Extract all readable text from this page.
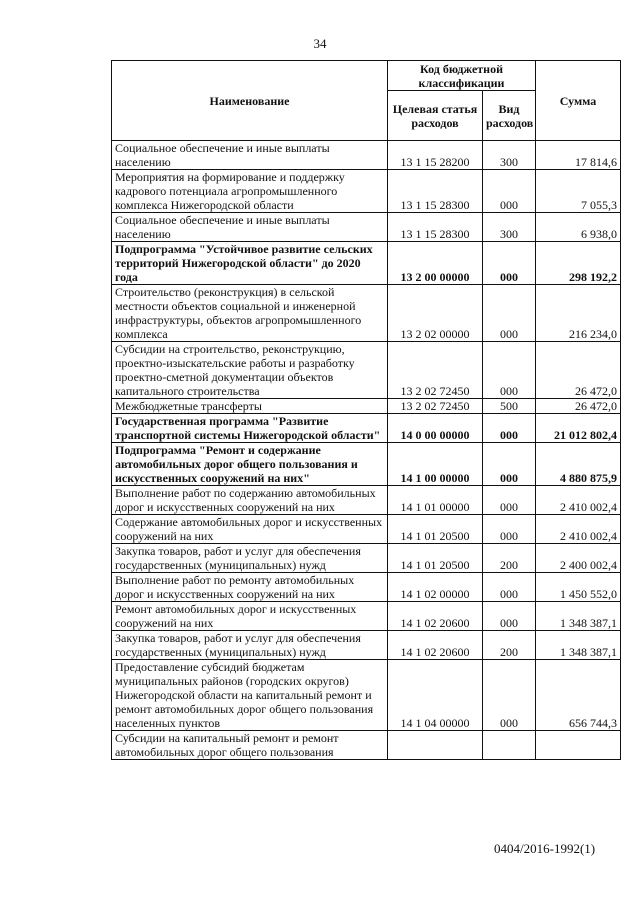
34
Наименование	Код бюджетной классификации		Сумма
	Целевая статья расходов	Вид расходов	
Социальное обеспечение и иные выплаты населению	13 1 15 28200	300	17 814,6
Мероприятия на формирование и поддержку кадрового потенциала агропромышленного комплекса Нижегородской области	13 1 15 28300	000	7 055,3
Социальное обеспечение и иные выплаты населению	13 1 15 28300	300	6 938,0
Подпрограмма "Устойчивое развитие сельских территорий Нижегородской области" до 2020 года	13 2 00 00000	000	298 192,2
Строительство (реконструкция) в сельской местности объектов социальной и инженерной инфраструктуры, объектов агропромышленного комплекса	13 2 02 00000	000	216 234,0
Субсидии на строительство, реконструкцию, проектно-изыскательские работы и разработку проектно-сметной документации объектов капитального строительства	13 2 02 72450	000	26 472,0
Межбюджетные трансферты	13 2 02 72450	500	26 472,0
Государственная программа "Развитие транспортной системы Нижегородской области"	14 0 00 00000	000	21 012 802,4
Подпрограмма "Ремонт и содержание автомобильных дорог общего пользования и искусственных сооружений на них"	14 1 00 00000	000	4 880 875,9
Выполнение работ по содержанию автомобильных дорог и искусственных сооружений на них	14 1 01 00000	000	2 410 002,4
Содержание автомобильных дорог и искусственных сооружений на них	14 1 01 20500	000	2 410 002,4
Закупка товаров, работ и услуг для обеспечения государственных (муниципальных) нужд	14 1 01 20500	200	2 400 002,4
Выполнение работ по ремонту автомобильных дорог и искусственных сооружений на них	14 1 02 00000	000	1 450 552,0
Ремонт автомобильных дорог и искусственных сооружений на них	14 1 02 20600	000	1 348 387,1
Закупка товаров, работ и услуг для обеспечения государственных (муниципальных) нужд	14 1 02 20600	200	1 348 387,1
Предоставление субсидий бюджетам муниципальных районов (городских округов) Нижегородской области на капитальный ремонт и ремонт автомобильных дорог общего пользования населенных пунктов	14 1 04 00000	000	656 744,3
Субсидии на капитальный ремонт и ремонт автомобильных дорог общего пользования			
0404/2016-1992(1)
